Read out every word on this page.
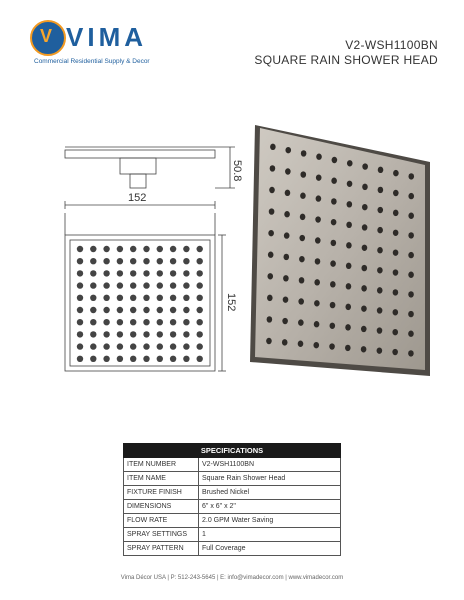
V VIMA
Commercial Residential Supply & Decor
V2-WSH1100BN
SQUARE RAIN SHOWER HEAD
50.8
152
152
SPECIFICATIONS	
ITEM NUMBER	V2-WSH1100BN
ITEM NAME	Square Rain Shower Head
FIXTURE FINISH	Brushed Nickel
DIMENSIONS	6" x 6" x 2"
FLOW RATE	2.0 GPM Water Saving
SPRAY SETTINGS	1
SPRAY PATTERN	Full Coverage
Vima Décor USA | P: 512-243-5645 | E: info@vimadecor.com | www.vimadecor.com
